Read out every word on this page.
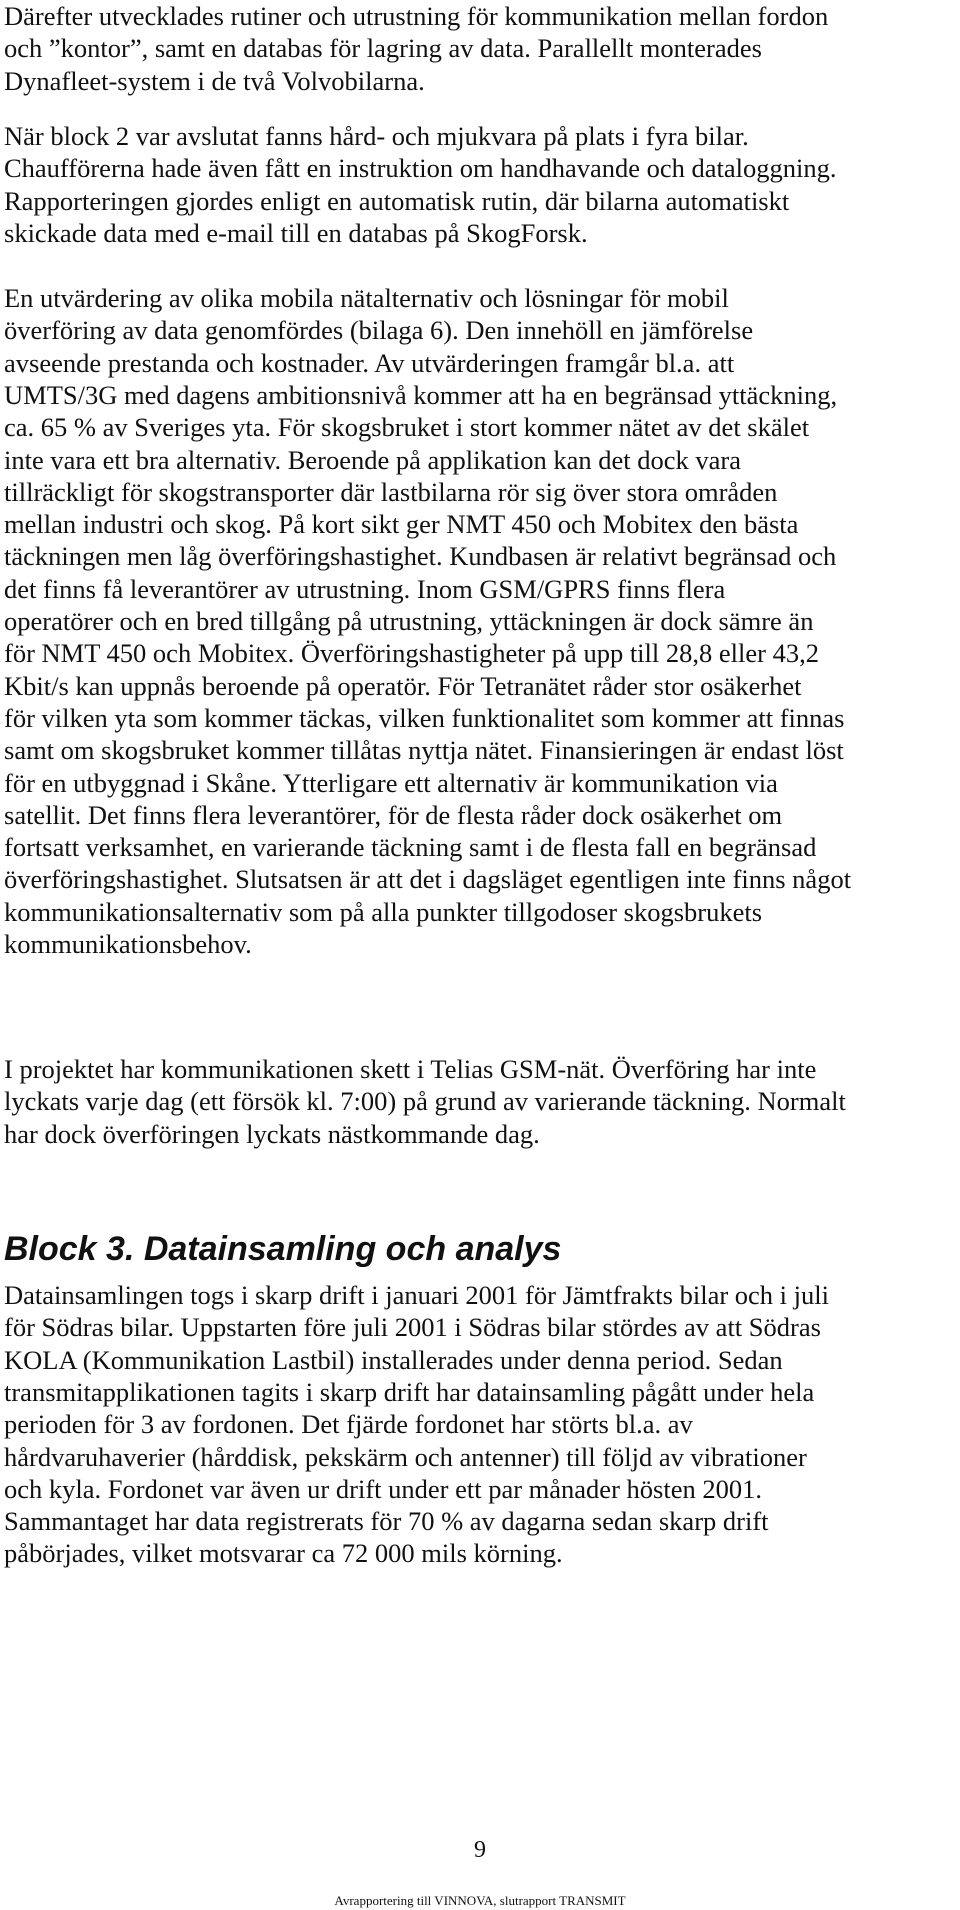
Därefter utvecklades rutiner och utrustning för kommunikation mellan fordon
och ”kontor”, samt en databas för lagring av data. Parallellt monterades
Dynafleet-system i de två Volvobilarna.
När block 2 var avslutat fanns hård- och mjukvara på plats i fyra bilar.
Chaufförerna hade även fått en instruktion om handhavande och dataloggning.
Rapporteringen gjordes enligt en automatisk rutin, där bilarna automatiskt
skickade data med e-mail till en databas på SkogForsk.
En utvärdering av olika mobila nätalternativ och lösningar för mobil
överföring av data genomfördes (bilaga 6). Den innehöll en jämförelse
avseende prestanda och kostnader. Av utvärderingen framgår bl.a. att
UMTS/3G med dagens ambitionsnivå kommer att ha en begränsad yttäckning,
ca. 65 % av Sveriges yta. För skogsbruket i stort kommer nätet av det skälet
inte vara ett bra alternativ. Beroende på applikation kan det dock vara
tillräckligt för skogstransporter där lastbilarna rör sig över stora områden
mellan industri och skog. På kort sikt ger NMT 450 och Mobitex den bästa
täckningen men låg överföringshastighet. Kundbasen är relativt begränsad och
det finns få leverantörer av utrustning. Inom GSM/GPRS finns flera
operatörer och en bred tillgång på utrustning, yttäckningen är dock sämre än
för NMT 450 och Mobitex. Överföringshastigheter på upp till 28,8 eller 43,2
Kbit/s kan uppnås beroende på operatör. För Tetranätet råder stor osäkerhet
för vilken yta som kommer täckas, vilken funktionalitet som kommer att finnas
samt om skogsbruket kommer tillåtas nyttja nätet. Finansieringen är endast löst
för en utbyggnad i Skåne. Ytterligare ett alternativ är kommunikation via
satellit. Det finns flera leverantörer, för de flesta råder dock osäkerhet om
fortsatt verksamhet, en varierande täckning samt i de flesta fall en begränsad
överföringshastighet. Slutsatsen är att det i dagsläget egentligen inte finns något
kommunikationsalternativ som på alla punkter tillgodoser skogsbrukets
kommunikationsbehov.
I projektet har kommunikationen skett i Telias GSM-nät. Överföring har inte
lyckats varje dag (ett försök kl. 7:00) på grund av varierande täckning. Normalt
har dock överföringen lyckats nästkommande dag.
Block 3. Datainsamling och analys
Datainsamlingen togs i skarp drift i januari 2001 för Jämtfrakts bilar och i juli
för Södras bilar. Uppstarten före juli 2001 i Södras bilar stördes av att Södras
KOLA (Kommunikation Lastbil) installerades under denna period. Sedan
transmitapplikationen tagits i skarp drift har datainsamling pågått under hela
perioden för 3 av fordonen. Det fjärde fordonet har störts bl.a. av
hårdvaruhaverier (hårddisk, pekskärm och antenner) till följd av vibrationer
och kyla. Fordonet var även ur drift under ett par månader hösten 2001.
Sammantaget har data registrerats för 70 % av dagarna sedan skarp drift
påbörjades, vilket motsvarar ca 72 000 mils körning.
9
Avrapportering till VINNOVA, slutrapport TRANSMIT
